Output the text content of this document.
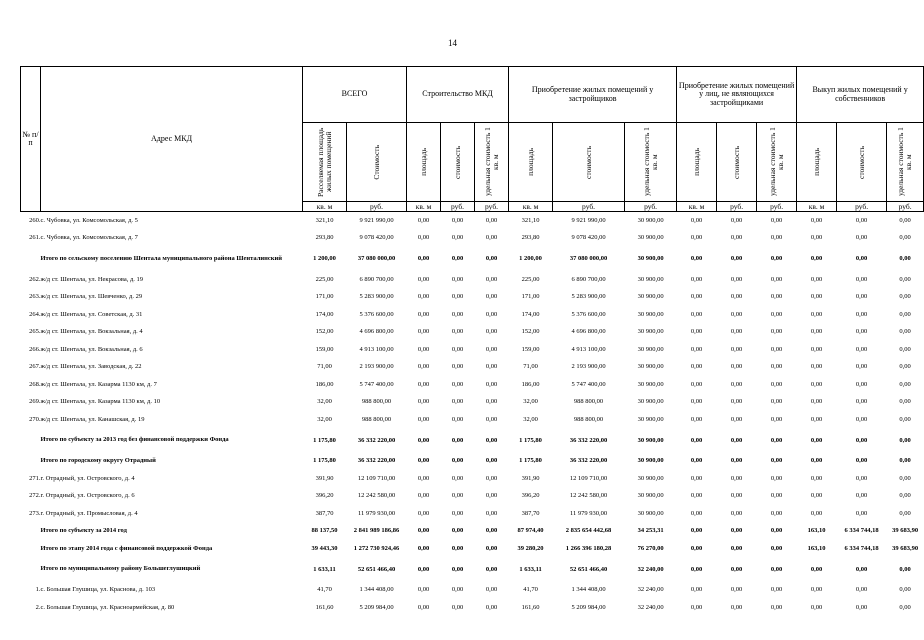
14
№ п/п	Адрес МКД	ВСЕГО		Строительство МКД			Приобретение жилых помещений у застройщиков			Приобретение жилых помещений у лиц, не являющихся застройщиками			Выкуп жилых помещений у собственников		

		Расселяемая площадь жилых помещений	Стоимость	площадь	стоимость	удельная стоимость 1 кв. м	площадь	стоимость	удельная стоимость 1 кв. м	площадь	стоимость	удельная стоимость 1 кв. м	площадь	стоимость	удельная стоимость 1 кв. м

		кв. м	руб.	кв. м	руб.	руб.	кв. м	руб.	руб.	кв. м	руб.	руб.	кв. м	руб.	руб.
260.	с. Чубовка, ул. Комсомольская, д. 5	321,10	9 921 990,00	0,00	0,00	0,00	321,10	9 921 990,00	30 900,00	0,00	0,00	0,00	0,00	0,00	0,00
261.	с. Чубовка, ул. Комсомольская, д. 7	293,80	9 078 420,00	0,00	0,00	0,00	293,80	9 078 420,00	30 900,00	0,00	0,00	0,00	0,00	0,00	0,00
	Итого по сельскому поселению Шентала муниципального района Шенталинский	1 200,00	37 080 000,00	0,00	0,00	0,00	1 200,00	37 080 000,00	30 900,00	0,00	0,00	0,00	0,00	0,00	0,00
262.	ж/д ст. Шентала, ул. Некрасова, д. 19	225,00	6 890 700,00	0,00	0,00	0,00	225,00	6 890 700,00	30 900,00	0,00	0,00	0,00	0,00	0,00	0,00
263.	ж/д ст. Шентала, ул. Шевченко, д. 29	171,00	5 283 900,00	0,00	0,00	0,00	171,00	5 283 900,00	30 900,00	0,00	0,00	0,00	0,00	0,00	0,00
264.	ж/д ст. Шентала, ул. Советская, д. 31	174,00	5 376 600,00	0,00	0,00	0,00	174,00	5 376 600,00	30 900,00	0,00	0,00	0,00	0,00	0,00	0,00
265.	ж/д ст. Шентала, ул. Вокзальная, д. 4	152,00	4 696 800,00	0,00	0,00	0,00	152,00	4 696 800,00	30 900,00	0,00	0,00	0,00	0,00	0,00	0,00
266.	ж/д ст. Шентала, ул. Вокзальная, д. 6	159,00	4 913 100,00	0,00	0,00	0,00	159,00	4 913 100,00	30 900,00	0,00	0,00	0,00	0,00	0,00	0,00
267.	ж/д ст. Шентала, ул. Заводская, д. 22	71,00	2 193 900,00	0,00	0,00	0,00	71,00	2 193 900,00	30 900,00	0,00	0,00	0,00	0,00	0,00	0,00
268.	ж/д ст. Шентала, ул. Казарма 1130 км, д. 7	186,00	5 747 400,00	0,00	0,00	0,00	186,00	5 747 400,00	30 900,00	0,00	0,00	0,00	0,00	0,00	0,00
269.	ж/д ст. Шентала, ул. Казарма 1130 км, д. 10	32,00	988 800,00	0,00	0,00	0,00	32,00	988 800,00	30 900,00	0,00	0,00	0,00	0,00	0,00	0,00
270.	ж/д ст. Шентала, ул. Канашская, д. 19	32,00	988 800,00	0,00	0,00	0,00	32,00	988 800,00	30 900,00	0,00	0,00	0,00	0,00	0,00	0,00
	Итого по субъекту за 2013 год без финансовой поддержки Фонда	1 175,80	36 332 220,00	0,00	0,00	0,00	1 175,80	36 332 220,00	30 900,00	0,00	0,00	0,00	0,00	0,00	0,00
	Итого по городскому округу Отрадный	1 175,80	36 332 220,00	0,00	0,00	0,00	1 175,80	36 332 220,00	30 900,00	0,00	0,00	0,00	0,00	0,00	0,00
271.	г. Отрадный, ул. Островского, д. 4	391,90	12 109 710,00	0,00	0,00	0,00	391,90	12 109 710,00	30 900,00	0,00	0,00	0,00	0,00	0,00	0,00
272.	г. Отрадный, ул. Островского, д. 6	396,20	12 242 580,00	0,00	0,00	0,00	396,20	12 242 580,00	30 900,00	0,00	0,00	0,00	0,00	0,00	0,00
273.	г. Отрадный, ул. Промысловая, д. 4	387,70	11 979 930,00	0,00	0,00	0,00	387,70	11 979 930,00	30 900,00	0,00	0,00	0,00	0,00	0,00	0,00
	Итого по субъекту за 2014 год	88 137,50	2 841 989 186,86	0,00	0,00	0,00	87 974,40	2 835 654 442,68	34 253,31	0,00	0,00	0,00	163,10	6 334 744,18	39 683,90
	Итого по этапу 2014 года с финансовой поддержкой Фонда	39 443,30	1 272 730 924,46	0,00	0,00	0,00	39 280,20	1 266 396 180,28	76 270,00	0,00	0,00	0,00	163,10	6 334 744,18	39 683,90
	Итого по муниципальному району Большеглушицкий	1 633,11	52 651 466,40	0,00	0,00	0,00	1 633,11	52 651 466,40	32 240,00	0,00	0,00	0,00	0,00	0,00	0,00
1.	с. Большая Глушица, ул. Краснова, д. 103	41,70	1 344 408,00	0,00	0,00	0,00	41,70	1 344 408,00	32 240,00	0,00	0,00	0,00	0,00	0,00	0,00
2.	с. Большая Глушица, ул. Красноармейская, д. 80	161,60	5 209 984,00	0,00	0,00	0,00	161,60	5 209 984,00	32 240,00	0,00	0,00	0,00	0,00	0,00	0,00
